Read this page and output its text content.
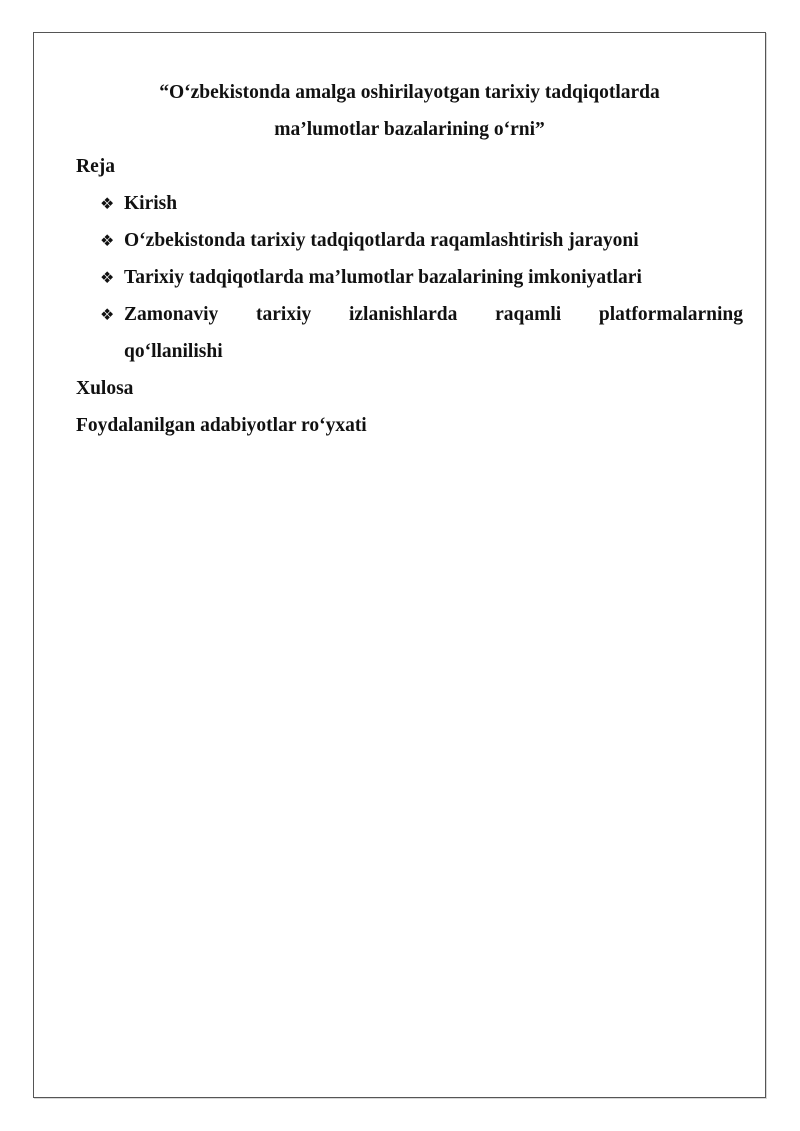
“O‘zbekistonda amalga oshirilayotgan tarixiy tadqiqotlarda
ma’lumotlar bazalarining o‘rni”

Reja

❖ Kirish
❖ O‘zbekistonda tarixiy tadqiqotlarda raqamlashtirish jarayoni
❖ Tarixiy tadqiqotlarda ma’lumotlar bazalarining imkoniyatlari
❖ Zamonaviy tarixiy izlanishlarda raqamli platformalarning
qo‘llanilishi

Xulosa

Foydalanilgan adabiyotlar ro‘yxati
